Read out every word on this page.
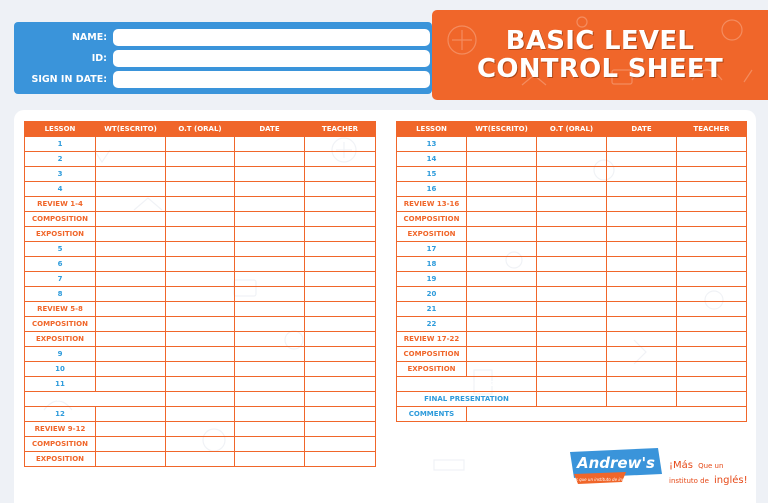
NAME:
ID:
SIGN IN DATE:
BASIC LEVEL
CONTROL SHEET
LESSON	WT(ESCRITO)	O.T (ORAL)	DATE	TEACHER
1				
2				
3				
4				
REVIEW 1-4				
COMPOSITION				
EXPOSITION				
5				
6				
7				
8				
REVIEW 5-8				
COMPOSITION				
EXPOSITION				
9				
10				
11				
REVIEW BASIC (1-11)				
12				
REVIEW 9-12				
COMPOSITION				
EXPOSITION				
LESSON	WT(ESCRITO)	O.T (ORAL)	DATE	TEACHER
13				
14				
15				
16				
REVIEW 13-16				
COMPOSITION				
EXPOSITION				
17				
18				
19				
20				
21				
22				
REVIEW 17-22				
COMPOSITION				
EXPOSITION				
REVIEW BASIC (12-22)				
FINAL PRESENTATION				
COMMENTS				
Andrew's
¡Más que un instituto de inglés!
¡Más Que un
instituto de inglés!
